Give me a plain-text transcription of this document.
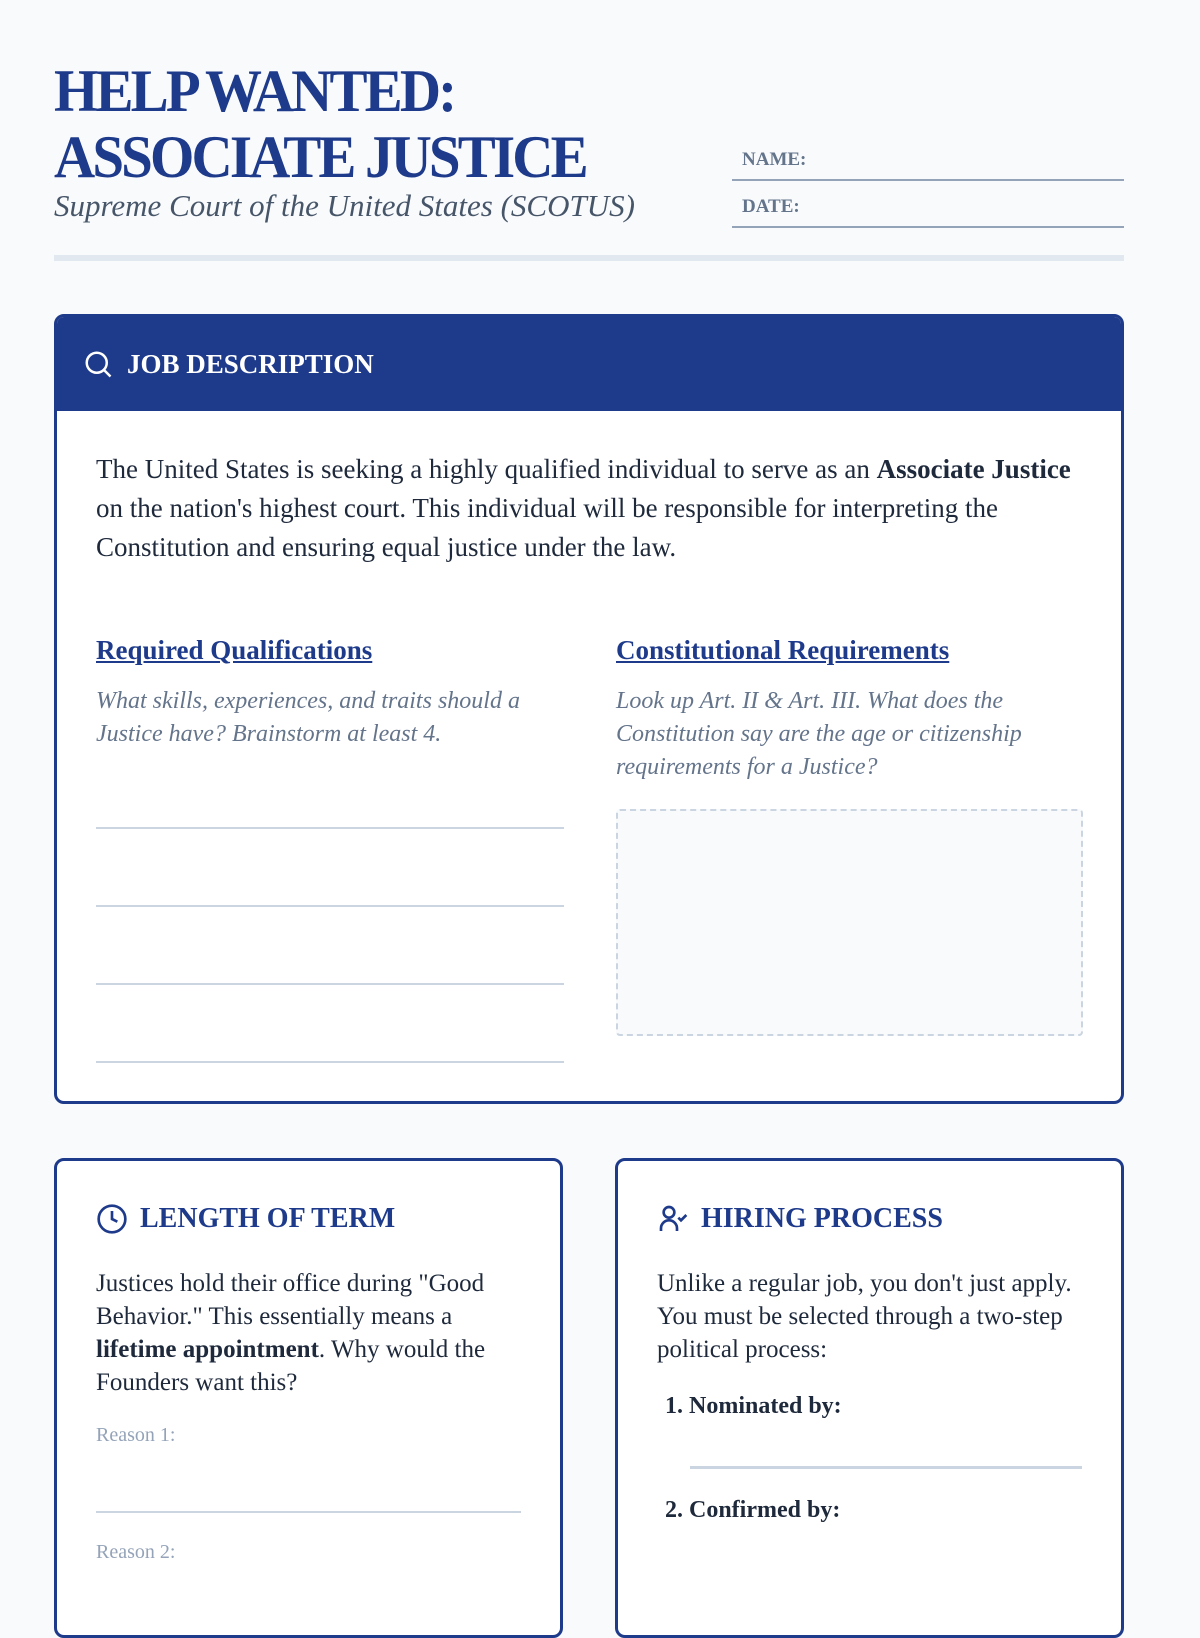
HELP WANTED:
ASSOCIATE JUSTICE
Supreme Court of the United States (SCOTUS)
NAME:
DATE:
JOB DESCRIPTION

The United States is seeking a highly qualified individual to serve as an Associate Justice on the nation's highest court. This individual will be responsible for interpreting the Constitution and ensuring equal justice under the law.

Required Qualifications
What skills, experiences, and traits should a Justice have? Brainstorm at least 4.
Constitutional Requirements
Look up Art. II & Art. III. What does the Constitution say are the age or citizenship requirements for a Justice?
LENGTH OF TERM

Justices hold their office during "Good Behavior." This essentially means a lifetime appointment. Why would the Founders want this?

Reason 1:
Reason 2:
HIRING PROCESS

Unlike a regular job, you don't just apply. You must be selected through a two-step political process:

1. Nominated by:
2. Confirmed by:
